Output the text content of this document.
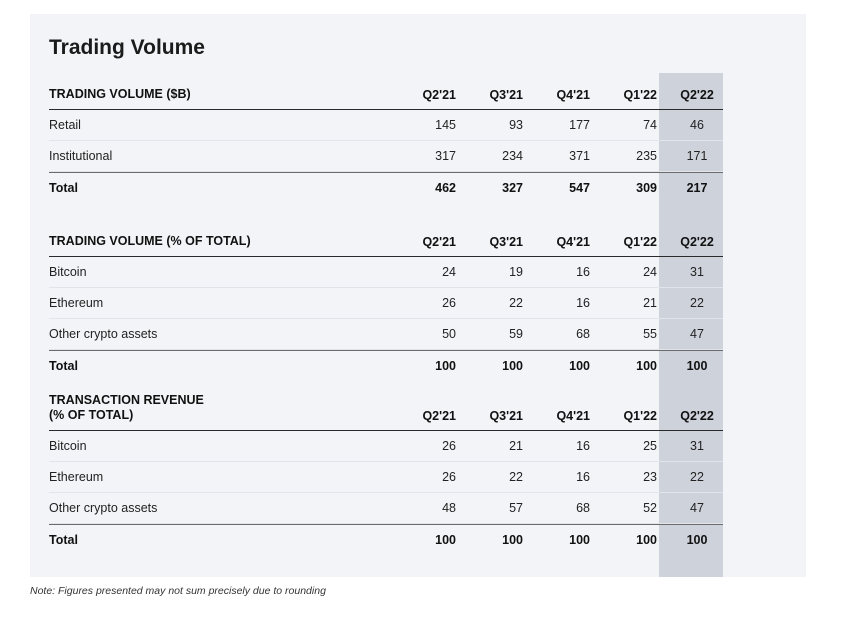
Trading Volume
TRADING VOLUME ($B)	Q2'21	Q3'21	Q4'21	Q1'22	Q2'22
Retail	145	93	177	74	46
Institutional	317	234	371	235	171
Total	462	327	547	309	217
TRADING VOLUME (% OF TOTAL)	Q2'21	Q3'21	Q4'21	Q1'22	Q2'22
Bitcoin	24	19	16	24	31
Ethereum	26	22	16	21	22
Other crypto assets	50	59	68	55	47
Total	100	100	100	100	100
TRANSACTION REVENUE
(% OF TOTAL)	Q2'21	Q3'21	Q4'21	Q1'22	Q2'22
Bitcoin	26	21	16	25	31
Ethereum	26	22	16	23	22
Other crypto assets	48	57	68	52	47
Total	100	100	100	100	100
Note: Figures presented may not sum precisely due to rounding
